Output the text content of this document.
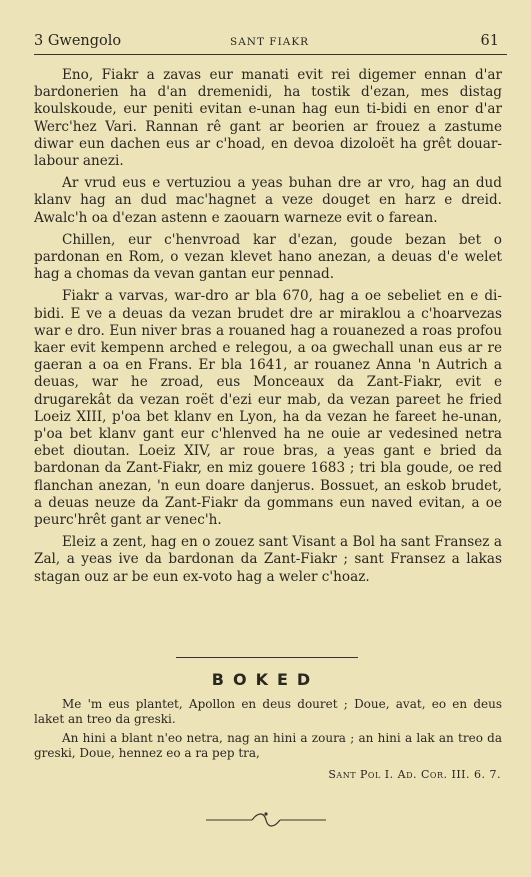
3 Gwengolo	SANT FIAKR	61

Eno, Fiakr a zavas eur manati evit rei digemer ennan d'ar bardonerien ha d'an dremenidi, ha tostik d'ezan, mes distag koulskoude, eur peniti evitan e-unan hag eun ti-bidi en enor d'ar Werc'hez Vari. Rannan rê gant ar beorien ar frouez a zastume diwar eun dachen eus ar c'hoad, en devoa dizoloët ha grêt douar-labour anezi.

Ar vrud eus e vertuziou a yeas buhan dre ar vro, hag an dud klanv hag an dud mac'hagnet a veze douget en harz e dreid. Awalc'h oa d'ezan astenn e zaouarn warneze evit o farean.

Chillen, eur c'henvroad kar d'ezan, goude bezan bet o pardonan en Rom, o vezan klevet hano anezan, a deuas d'e welet hag a chomas da vevan gantan eur pennad.

Fiakr a varvas, war-dro ar bla 670, hag a oe sebeliet en e di-bidi. E ve a deuas da vezan brudet dre ar miraklou a c'hoarvezas war e dro. Eun niver bras a rouaned hag a rouanezed a roas profou kaer evit kempenn arched e relegou, a oa gwechall unan eus ar re gaeran a oa en Frans. Er bla 1641, ar rouanez Anna 'n Autrich a deuas, war he zroad, eus Monceaux da Zant-Fiakr, evit e drugarekât da vezan roët d'ezi eur mab, da vezan pareet he fried Loeiz XIII, p'oa bet klanv en Lyon, ha da vezan he fareet he-unan, p'oa bet klanv gant eur c'hlenved ha ne ouie ar vedesined netra ebet dioutan. Loeiz XIV, ar roue bras, a yeas gant e bried da bardonan da Zant-Fiakr, en miz gouere 1683 ; tri bla goude, oe red flanchan anezan, 'n eun doare danjerus. Bossuet, an eskob brudet, a deuas neuze da Zant-Fiakr da gommans eun naved evitan, a oe peurc'hrêt gant ar venec'h.

Eleiz a zent, hag en o zouez sant Visant a Bol ha sant Fransez a Zal, a yeas ive da bardonan da Zant-Fiakr ; sant Fransez a lakas stagan ouz ar be eun ex-voto hag a weler c'hoaz.

BOKED

Me 'm eus plantet, Apollon en deus douret ; Doue, avat, eo en deus laket an treo da greski.

An hini a blant n'eo netra, nag an hini a zoura ; an hini a lak an treo da greski, Doue, hennez eo a ra pep tra,

Sant Pol I. Ad. Cor. III. 6. 7.
